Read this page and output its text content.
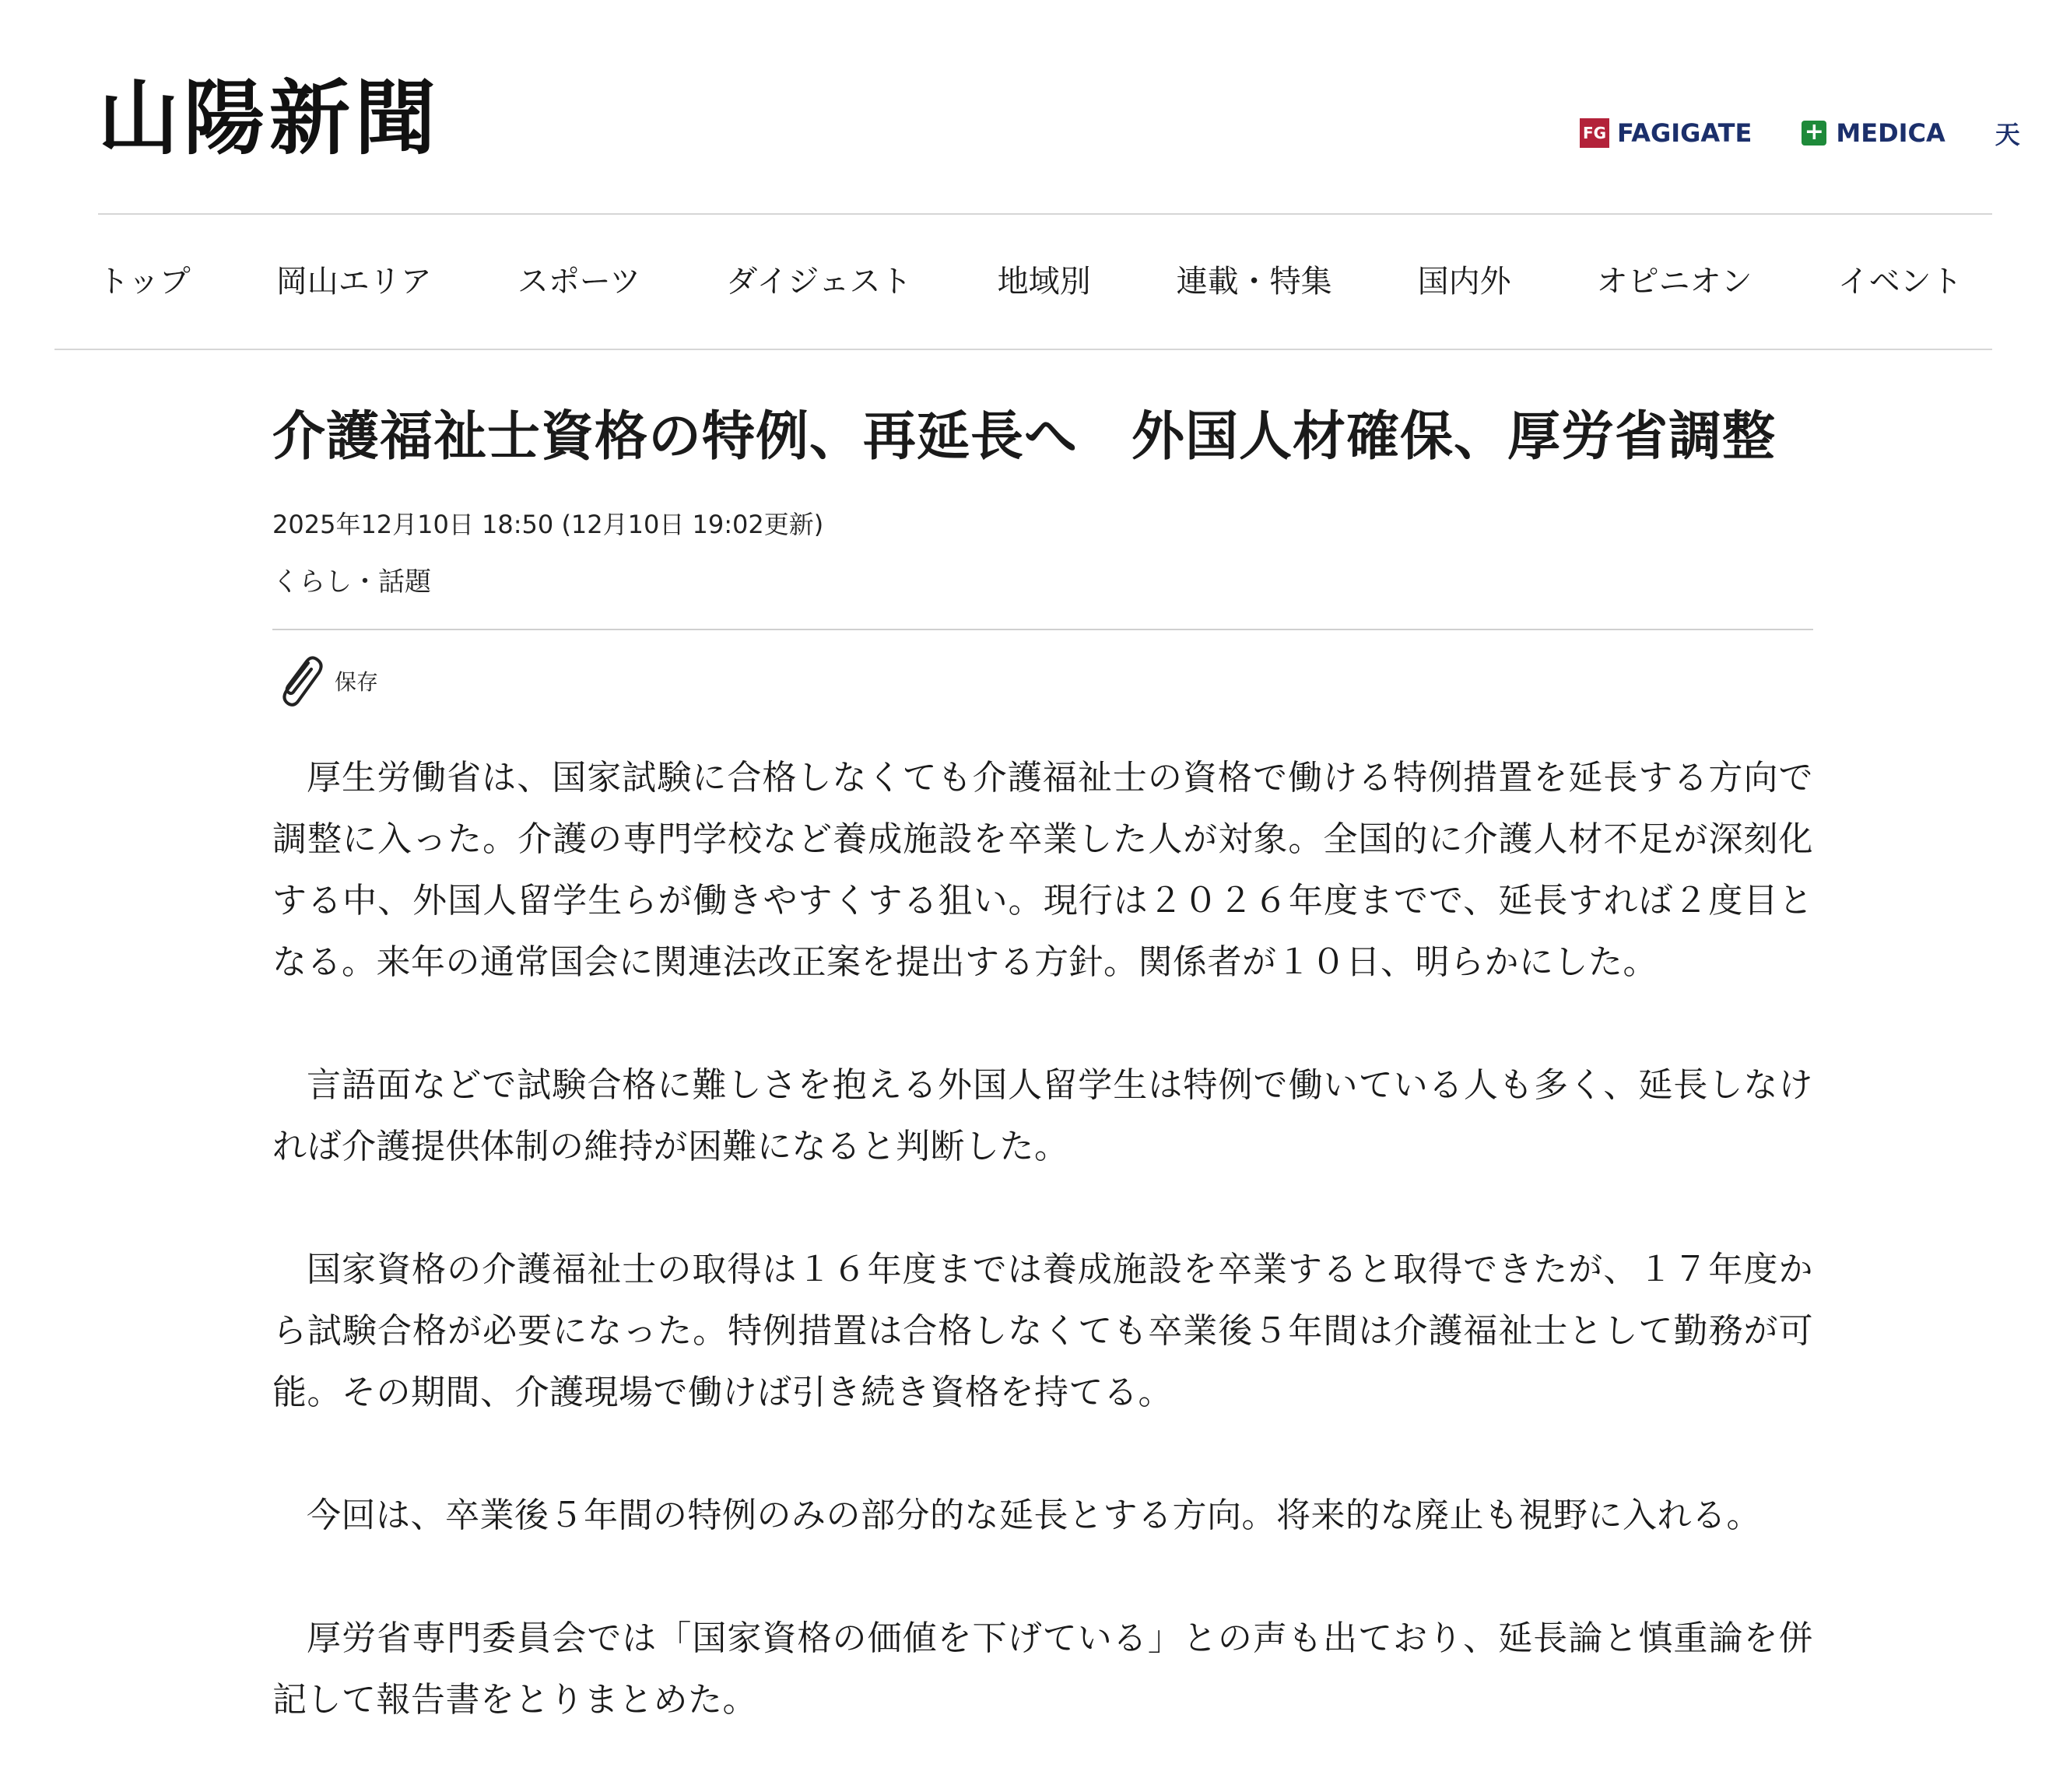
山陽新聞	FG FAGIGATE + MEDICA 天
トップ	岡山エリア	スポーツ	ダイジェスト	地域別	連載・特集	国内外	オピニオン	イベント
介護福祉士資格の特例、再延長へ　外国人材確保、厚労省調整
2025年12月10日 18:50 (12月10日 19:02更新)
くらし・話題
保存

厚生労働省は、国家試験に合格しなくても介護福祉士の資格で働ける特例措置を延長する方向で調整に入った。介護の専門学校など養成施設を卒業した人が対象。全国的に介護人材不足が深刻化する中、外国人留学生らが働きやすくする狙い。現行は２０２６年度までで、延長すれば２度目となる。来年の通常国会に関連法改正案を提出する方針。関係者が１０日、明らかにした。

言語面などで試験合格に難しさを抱える外国人留学生は特例で働いている人も多く、延長しなければ介護提供体制の維持が困難になると判断した。

国家資格の介護福祉士の取得は１６年度までは養成施設を卒業すると取得できたが、１７年度から試験合格が必要になった。特例措置は合格しなくても卒業後５年間は介護福祉士として勤務が可能。その期間、介護現場で働けば引き続き資格を持てる。

今回は、卒業後５年間の特例のみの部分的な延長とする方向。将来的な廃止も視野に入れる。

厚労省専門委員会では「国家資格の価値を下げている」との声も出ており、延長論と慎重論を併記して報告書をとりまとめた。
